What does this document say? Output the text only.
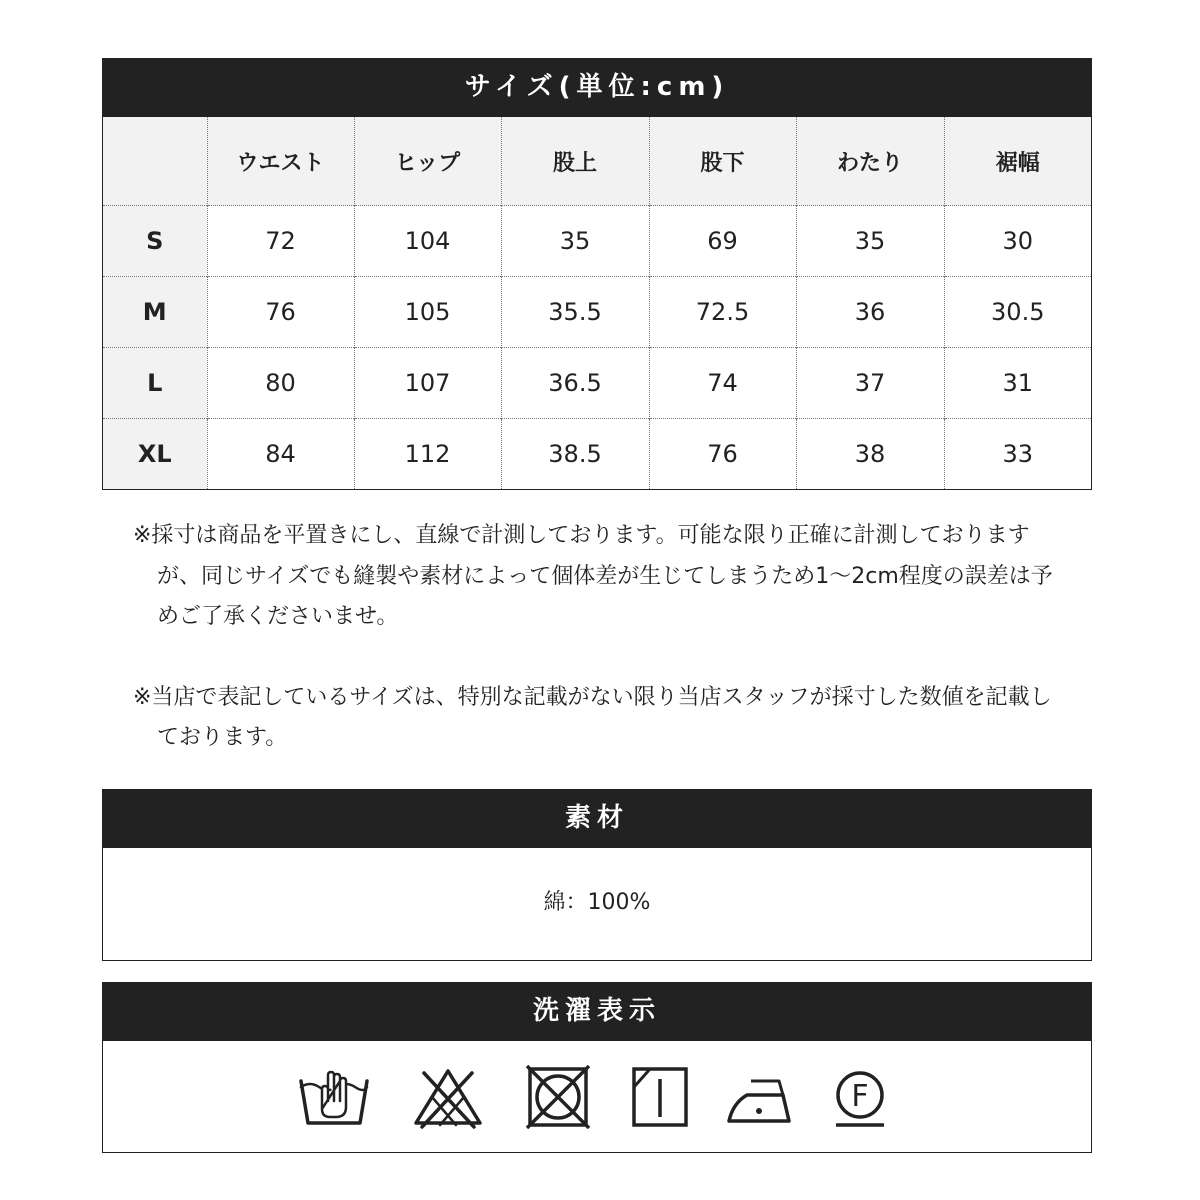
サイズ(単位:cm)
	ウエスト	ヒップ	股上	股下	わたり	裾幅
S	72	104	35	69	35	30
M	76	105	35.5	72.5	36	30.5
L	80	107	36.5	74	37	31
XL	84	112	38.5	76	38	33

※採寸は商品を平置きにし、直線で計測しております。可能な限り正確に計測しておりますが、同じサイズでも縫製や素材によって個体差が生じてしまうため1〜2cm程度の誤差は予めご了承くださいませ。

※当店で表記しているサイズは、特別な記載がない限り当店スタッフが採寸した数値を記載しております。

素材
綿：100%
洗濯表示
F
